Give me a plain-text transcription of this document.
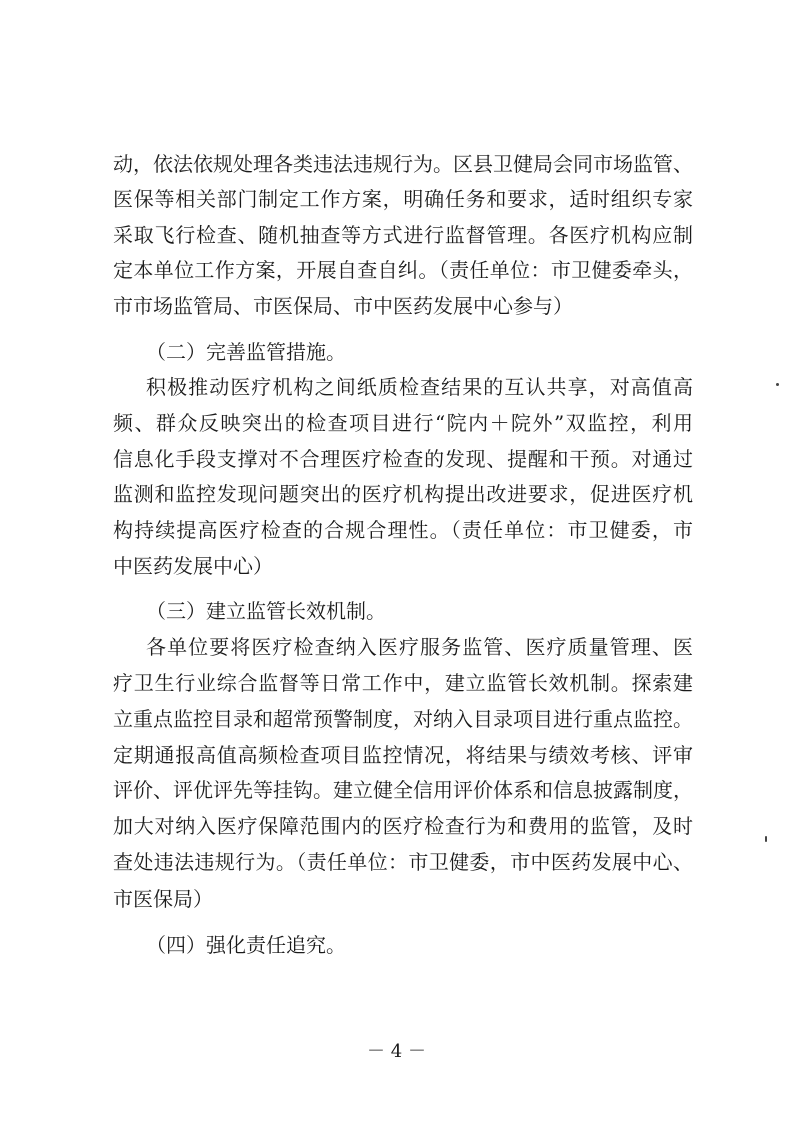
动，依法依规处理各类违法违规行为。区县卫健局会同市场监管、
医保等相关部门制定工作方案，明确任务和要求，适时组织专家
采取飞行检查、随机抽查等方式进行监督管理。各医疗机构应制
定本单位工作方案，开展自查自纠。（责任单位：市卫健委牵头，
市市场监管局、市医保局、市中医药发展中心参与）
（二）完善监管措施。
积极推动医疗机构之间纸质检查结果的互认共享，对高值高
频、群众反映突出的检查项目进行“院内＋院外”双监控，利用
信息化手段支撑对不合理医疗检查的发现、提醒和干预。对通过
监测和监控发现问题突出的医疗机构提出改进要求，促进医疗机
构持续提高医疗检查的合规合理性。（责任单位：市卫健委，市
中医药发展中心）
（三）建立监管长效机制。
各单位要将医疗检查纳入医疗服务监管、医疗质量管理、医
疗卫生行业综合监督等日常工作中，建立监管长效机制。探索建
立重点监控目录和超常预警制度，对纳入目录项目进行重点监控。
定期通报高值高频检查项目监控情况，将结果与绩效考核、评审
评价、评优评先等挂钩。建立健全信用评价体系和信息披露制度，
加大对纳入医疗保障范围内的医疗检查行为和费用的监管，及时
查处违法违规行为。（责任单位：市卫健委，市中医药发展中心、
市医保局）
（四）强化责任追究。
－ 4 －
